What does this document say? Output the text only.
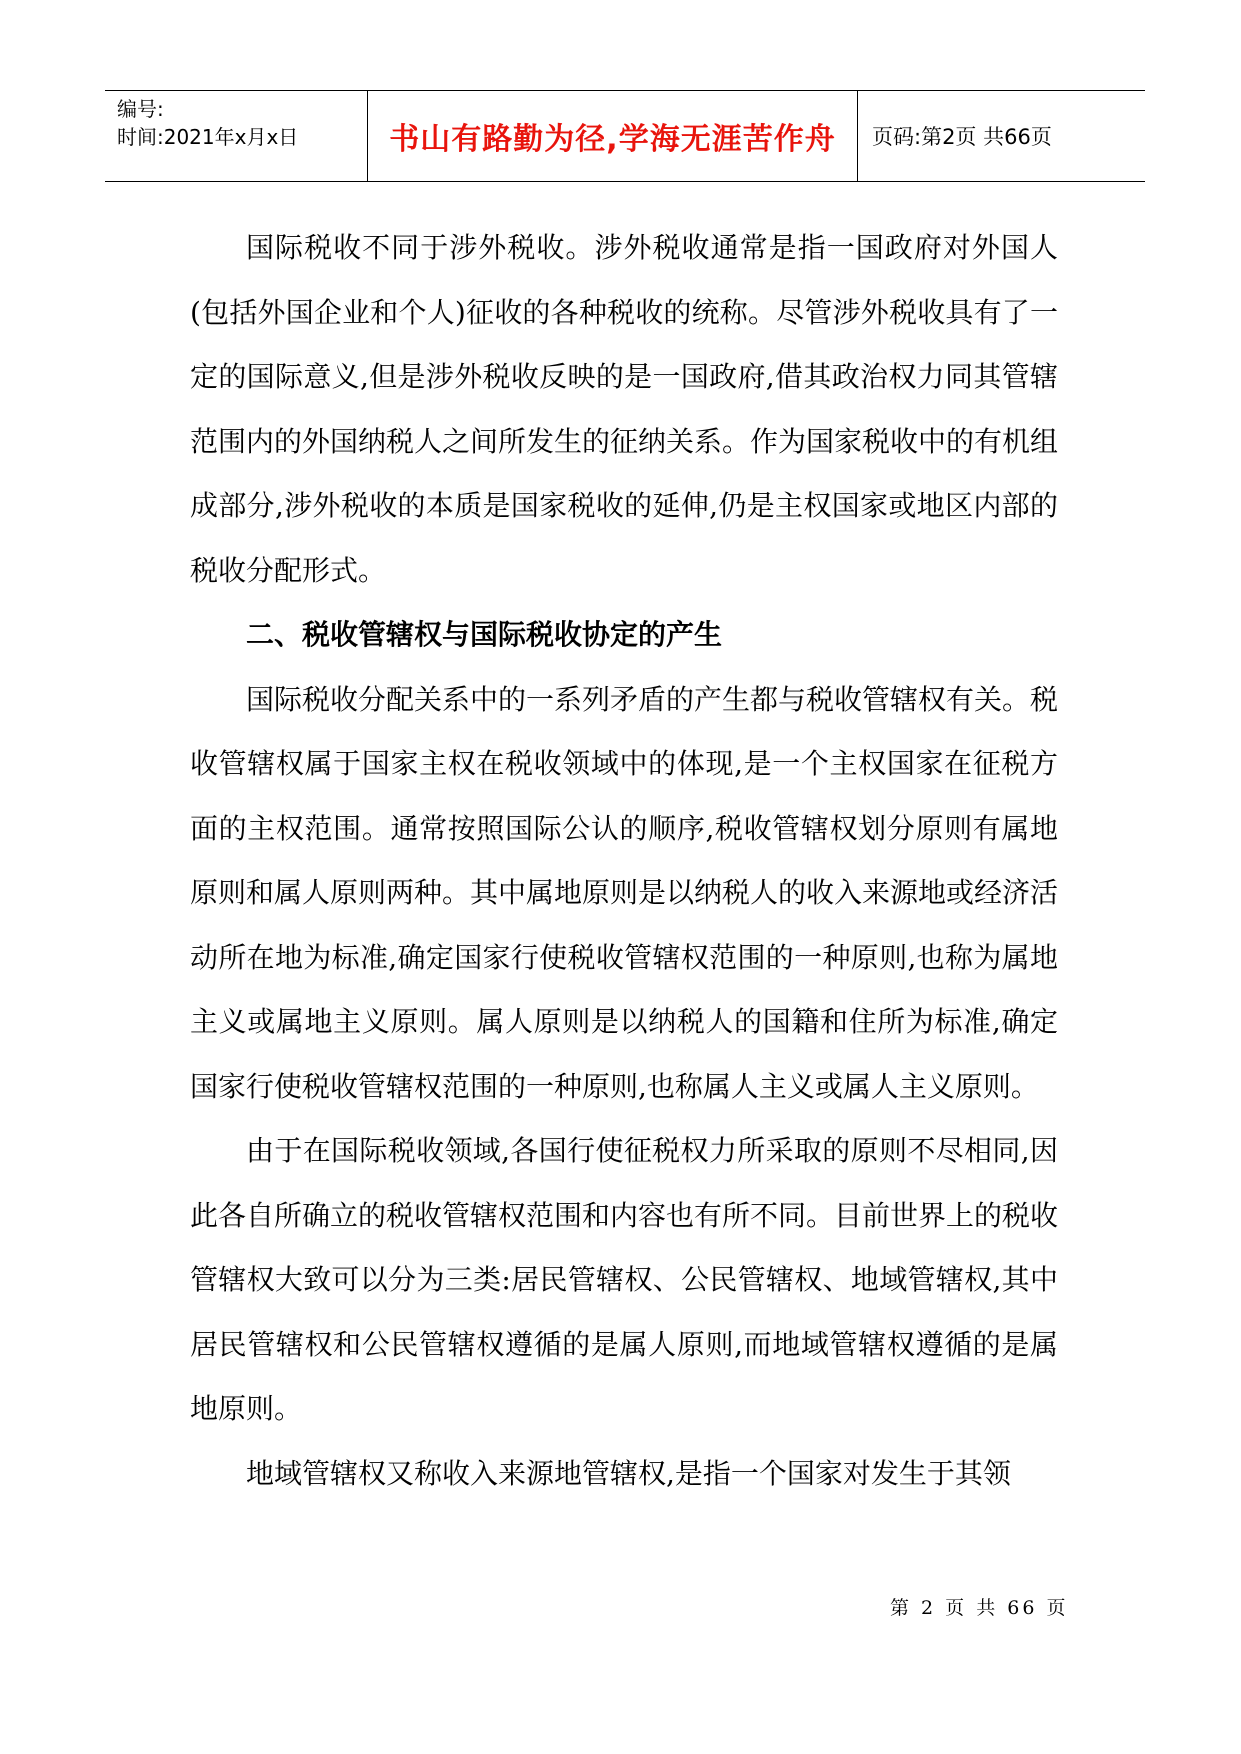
编号:
时间:2021年x月x日	书山有路勤为径,学海无涯苦作舟	页码:第2页 共66页

国际税收不同于涉外税收。涉外税收通常是指一国政府对外国人(包括外国企业和个人)征收的各种税收的统称。尽管涉外税收具有了一定的国际意义,但是涉外税收反映的是一国政府,借其政治权力同其管辖范围内的外国纳税人之间所发生的征纳关系。作为国家税收中的有机组成部分,涉外税收的本质是国家税收的延伸,仍是主权国家或地区内部的税收分配形式。

二、税收管辖权与国际税收协定的产生

国际税收分配关系中的一系列矛盾的产生都与税收管辖权有关。税收管辖权属于国家主权在税收领域中的体现,是一个主权国家在征税方面的主权范围。通常按照国际公认的顺序,税收管辖权划分原则有属地原则和属人原则两种。其中属地原则是以纳税人的收入来源地或经济活动所在地为标准,确定国家行使税收管辖权范围的一种原则,也称为属地主义或属地主义原则。属人原则是以纳税人的国籍和住所为标准,确定国家行使税收管辖权范围的一种原则,也称属人主义或属人主义原则。

由于在国际税收领域,各国行使征税权力所采取的原则不尽相同,因此各自所确立的税收管辖权范围和内容也有所不同。目前世界上的税收管辖权大致可以分为三类:居民管辖权、公民管辖权、地域管辖权,其中居民管辖权和公民管辖权遵循的是属人原则,而地域管辖权遵循的是属地原则。

地域管辖权又称收入来源地管辖权,是指一个国家对发生于其领

第 2 页 共 66 页
